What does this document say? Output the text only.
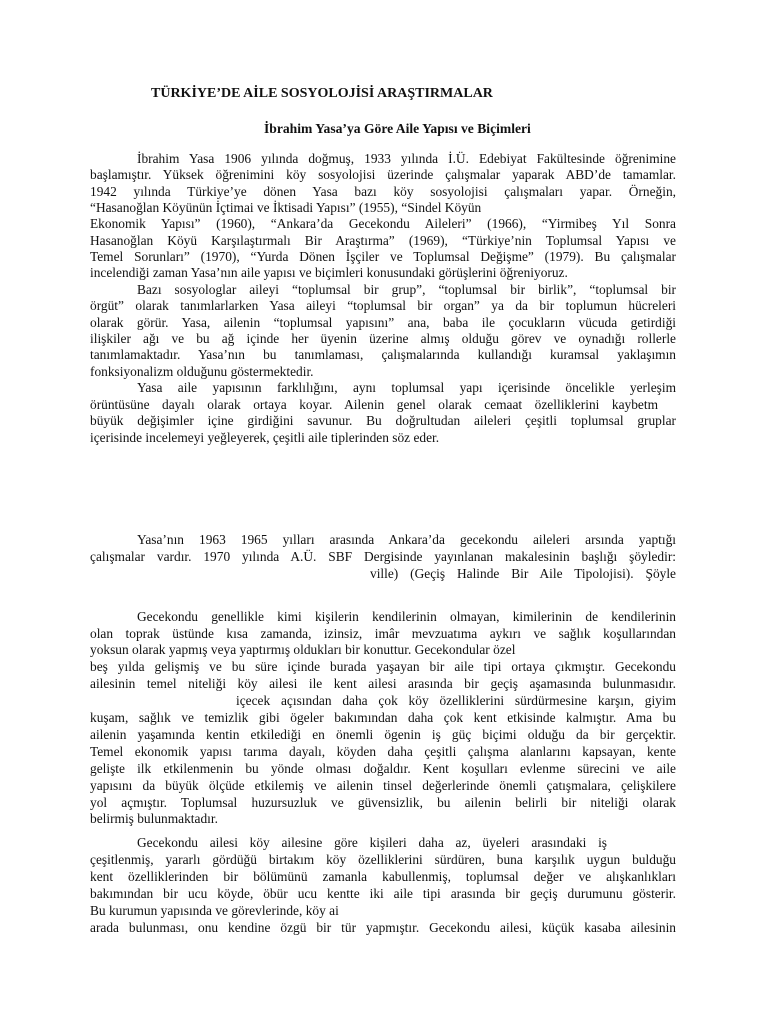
TÜRKİYE’DE AİLE SOSYOLOJİSİ ARAŞTIRMALAR
İbrahim Yasa’ya Göre Aile Yapısı ve Biçimleri
İbrahim Yasa 1906 yılında doğmuş, 1933 yılında İ.Ü. Edebiyat Fakültesinde öğrenimine
başlamıştır. Yüksek öğrenimini köy sosyolojisi üzerinde çalışmalar yaparak ABD’de tamamlar.
1942 yılında Türkiye’ye dönen Yasa bazı köy sosyolojisi çalışmaları yapar. Örneğin,
“Hasanoğlan Köyünün İçtimai ve İktisadi Yapısı” (1955), “Sindel Köyün
Ekonomik Yapısı” (1960), “Ankara’da Gecekondu Aileleri” (1966), “Yirmibeş Yıl Sonra
Hasanoğlan Köyü Karşılaştırmalı Bir Araştırma” (1969), “Türkiye’nin Toplumsal Yapısı ve
Temel Sorunları” (1970), “Yurda Dönen İşçiler ve Toplumsal Değişme” (1979). Bu çalışmalar
incelendiği zaman Yasa’nın aile yapısı ve biçimleri konusundaki görüşlerini öğreniyoruz.
Bazı sosyologlar aileyi “toplumsal bir grup”, “toplumsal bir birlik”, “toplumsal bir
örgüt” olarak tanımlarlarken Yasa aileyi “toplumsal bir organ” ya da bir toplumun hücreleri
olarak görür. Yasa, ailenin “toplumsal yapısını” ana, baba ile çocukların vücuda getirdiği
ilişkiler ağı ve bu ağ içinde her üyenin üzerine almış olduğu görev ve oynadığı rollerle
tanımlamaktadır. Yasa’nın bu tanımlaması, çalışmalarında kullandığı kuramsal yaklaşımın
fonksiyonalizm olduğunu göstermektedir.
Yasa aile yapısının farklılığını, aynı toplumsal yapı içerisinde öncelikle yerleşim
örüntüsüne dayalı olarak ortaya koyar. Ailenin genel olarak cemaat özelliklerini kaybetm
büyük değişimler içine girdiğini savunur. Bu doğrultudan aileleri çeşitli toplumsal gruplar
içerisinde incelemeyi yeğleyerek, çeşitli aile tiplerinden söz eder.
Yasa’nın 1963 1965 yılları arasında Ankara’da gecekondu aileleri arsında yaptığı
çalışmalar vardır. 1970 yılında A.Ü. SBF Dergisinde yayınlanan makalesinin başlığı şöyledir:
ville) (Geçiş Halinde Bir Aile Tipolojisi). Şöyle
Gecekondu genellikle kimi kişilerin kendilerinin olmayan, kimilerinin de kendilerinin
olan toprak üstünde kısa zamanda, izinsiz, imâr mevzuatıma aykırı ve sağlık koşullarından
yoksun olarak yapmış veya yaptırmış oldukları bir konuttur. Gecekondular özel
beş yılda gelişmiş ve bu süre içinde burada yaşayan bir aile tipi ortaya çıkmıştır. Gecekondu
ailesinin temel niteliği köy ailesi ile kent ailesi arasında bir geçiş aşamasında bulunmasıdır.
içecek açısından daha çok köy özelliklerini sürdürmesine karşın, giyim
kuşam, sağlık ve temizlik gibi ögeler bakımından daha çok kent etkisinde kalmıştır. Ama bu
ailenin yaşamında kentin etkilediği en önemli ögenin iş güç biçimi olduğu da bir gerçektir.
Temel ekonomik yapısı tarıma dayalı, köyden daha çeşitli çalışma alanlarını kapsayan, kente
gelişte ilk etkilenmenin bu yönde olması doğaldır. Kent koşulları evlenme sürecini ve aile
yapısını da büyük ölçüde etkilemiş ve ailenin tinsel değerlerinde önemli çatışmalara, çelişkilere
yol açmıştır. Toplumsal huzursuzluk ve güvensizlik, bu ailenin belirli bir niteliği olarak
belirmiş bulunmaktadır.
Gecekondu ailesi köy ailesine göre kişileri daha az, üyeleri arasındaki iş
çeşitlenmiş, yararlı gördüğü birtakım köy özelliklerini sürdüren, buna karşılık uygun bulduğu
kent özelliklerinden bir bölümünü zamanla kabullenmiş, toplumsal değer ve alışkanlıkları
bakımından bir ucu köyde, öbür ucu kentte iki aile tipi arasında bir geçiş durumunu gösterir.
Bu kurumun yapısında ve görevlerinde, köy ai
arada bulunması, onu kendine özgü bir tür yapmıştır. Gecekondu ailesi, küçük kasaba ailesinin
